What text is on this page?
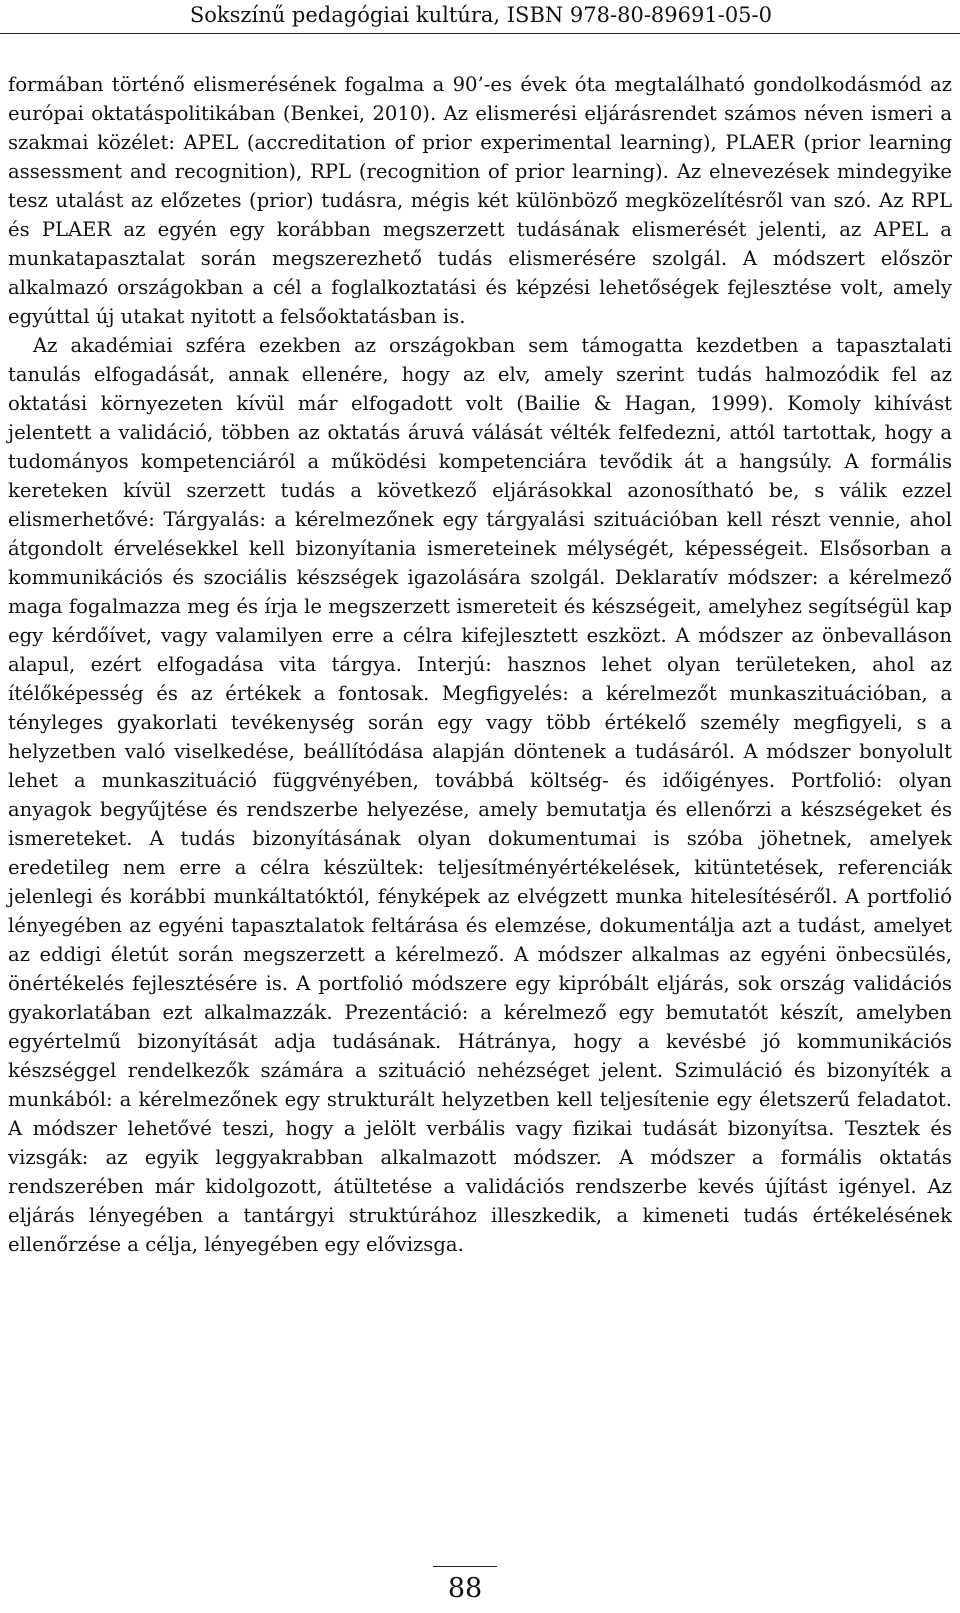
Sokszínű pedagógiai kultúra, ISBN 978-80-89691-05-0

formában történő elismerésének fogalma a 90’-es évek óta megtalálható gondolkodásmód az európai oktatáspolitikában (Benkei, 2010). Az elismerési eljárásrendet számos néven ismeri a szakmai közélet: APEL (accreditation of prior experimental learning), PLAER (prior learning assessment and recognition), RPL (recognition of prior learning). Az elnevezések mindegyike tesz utalást az előzetes (prior) tudásra, mégis két különböző megközelítésről van szó. Az RPL és PLAER az egyén egy korábban megszerzett tudásának elismerését jelenti, az APEL a munkatapasztalat során megszerezhető tudás elismerésére szolgál. A módszert először alkalmazó országokban a cél a foglalkoztatási és képzési lehetőségek fejlesztése volt, amely egyúttal új utakat nyitott a felsőoktatásban is.

Az akadémiai szféra ezekben az országokban sem támogatta kezdetben a tapasztalati tanulás elfogadását, annak ellenére, hogy az elv, amely szerint tudás halmozódik fel az oktatási környezeten kívül már elfogadott volt (Bailie & Hagan, 1999). Komoly kihívást jelentett a validáció, többen az oktatás áruvá válását vélték felfedezni, attól tartottak, hogy a tudományos kompetenciáról a működési kompetenciára tevődik át a hangsúly. A formális kereteken kívül szerzett tudás a következő eljárásokkal azonosítható be, s válik ezzel elismerhetővé: Tárgyalás: a kérelmezőnek egy tárgyalási szituációban kell részt vennie, ahol átgondolt érvelésekkel kell bizonyítania ismereteinek mélységét, képességeit. Elsősorban a kommunikációs és szociális készségek igazolására szolgál. Deklaratív módszer: a kérelmező maga fogalmazza meg és írja le megszerzett ismereteit és készségeit, amelyhez segítségül kap egy kérdőívet, vagy valamilyen erre a célra kifejlesztett eszközt. A módszer az önbevalláson alapul, ezért elfogadása vita tárgya. Interjú: hasznos lehet olyan területeken, ahol az ítélőképesség és az értékek a fontosak. Megfigyelés: a kérelmezőt munkaszituációban, a tényleges gyakorlati tevékenység során egy vagy több értékelő személy megfigyeli, s a helyzetben való viselkedése, beállítódása alapján döntenek a tudásáról. A módszer bonyolult lehet a munkaszituáció függvényében, továbbá költség- és időigényes. Portfolió: olyan anyagok begyűjtése és rendszerbe helyezése, amely bemutatja és ellenőrzi a készségeket és ismereteket. A tudás bizonyításának olyan dokumentumai is szóba jöhetnek, amelyek eredetileg nem erre a célra készültek: teljesítményértékelések, kitüntetések, referenciák jelenlegi és korábbi munkáltatóktól, fényképek az elvégzett munka hitelesítéséről. A portfolió lényegében az egyéni tapasztalatok feltárása és elemzése, dokumentálja azt a tudást, amelyet az eddigi életút során megszerzett a kérelmező. A módszer alkalmas az egyéni önbecsülés, önértékelés fejlesztésére is. A portfolió módszere egy kipróbált eljárás, sok ország validációs gyakorlatában ezt alkalmazzák. Prezentáció: a kérelmező egy bemutatót készít, amelyben egyértelmű bizonyítását adja tudásának. Hátránya, hogy a kevésbé jó kommunikációs készséggel rendelkezők számára a szituáció nehézséget jelent. Szimuláció és bizonyíték a munkából: a kérelmezőnek egy strukturált helyzetben kell teljesítenie egy életszerű feladatot. A módszer lehetővé teszi, hogy a jelölt verbális vagy fizikai tudását bizonyítsa. Tesztek és vizsgák: az egyik leggyakrabban alkalmazott módszer. A módszer a formális oktatás rendszerében már kidolgozott, átültetése a validációs rendszerbe kevés újítást igényel. Az eljárás lényegében a tantárgyi struktúrához illeszkedik, a kimeneti tudás értékelésének ellenőrzése a célja, lényegében egy elővizsga.

88
